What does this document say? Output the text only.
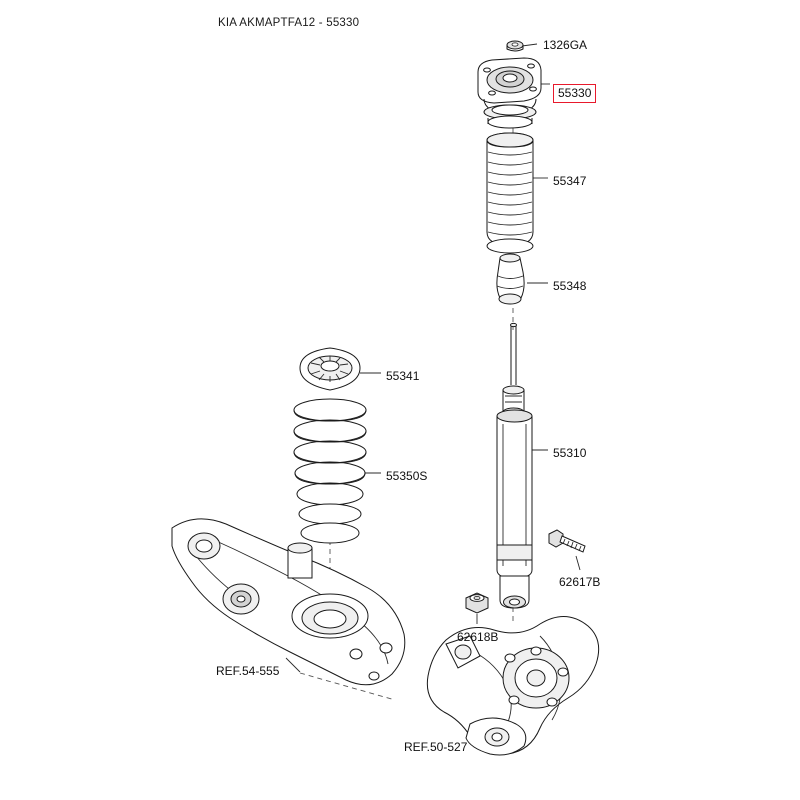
KIA AKMAPTFA12 - 55330
1326GA
55330
55347
55348
55341
55350S
55310
62617B
62618B
REF.54-555
REF.50-527
